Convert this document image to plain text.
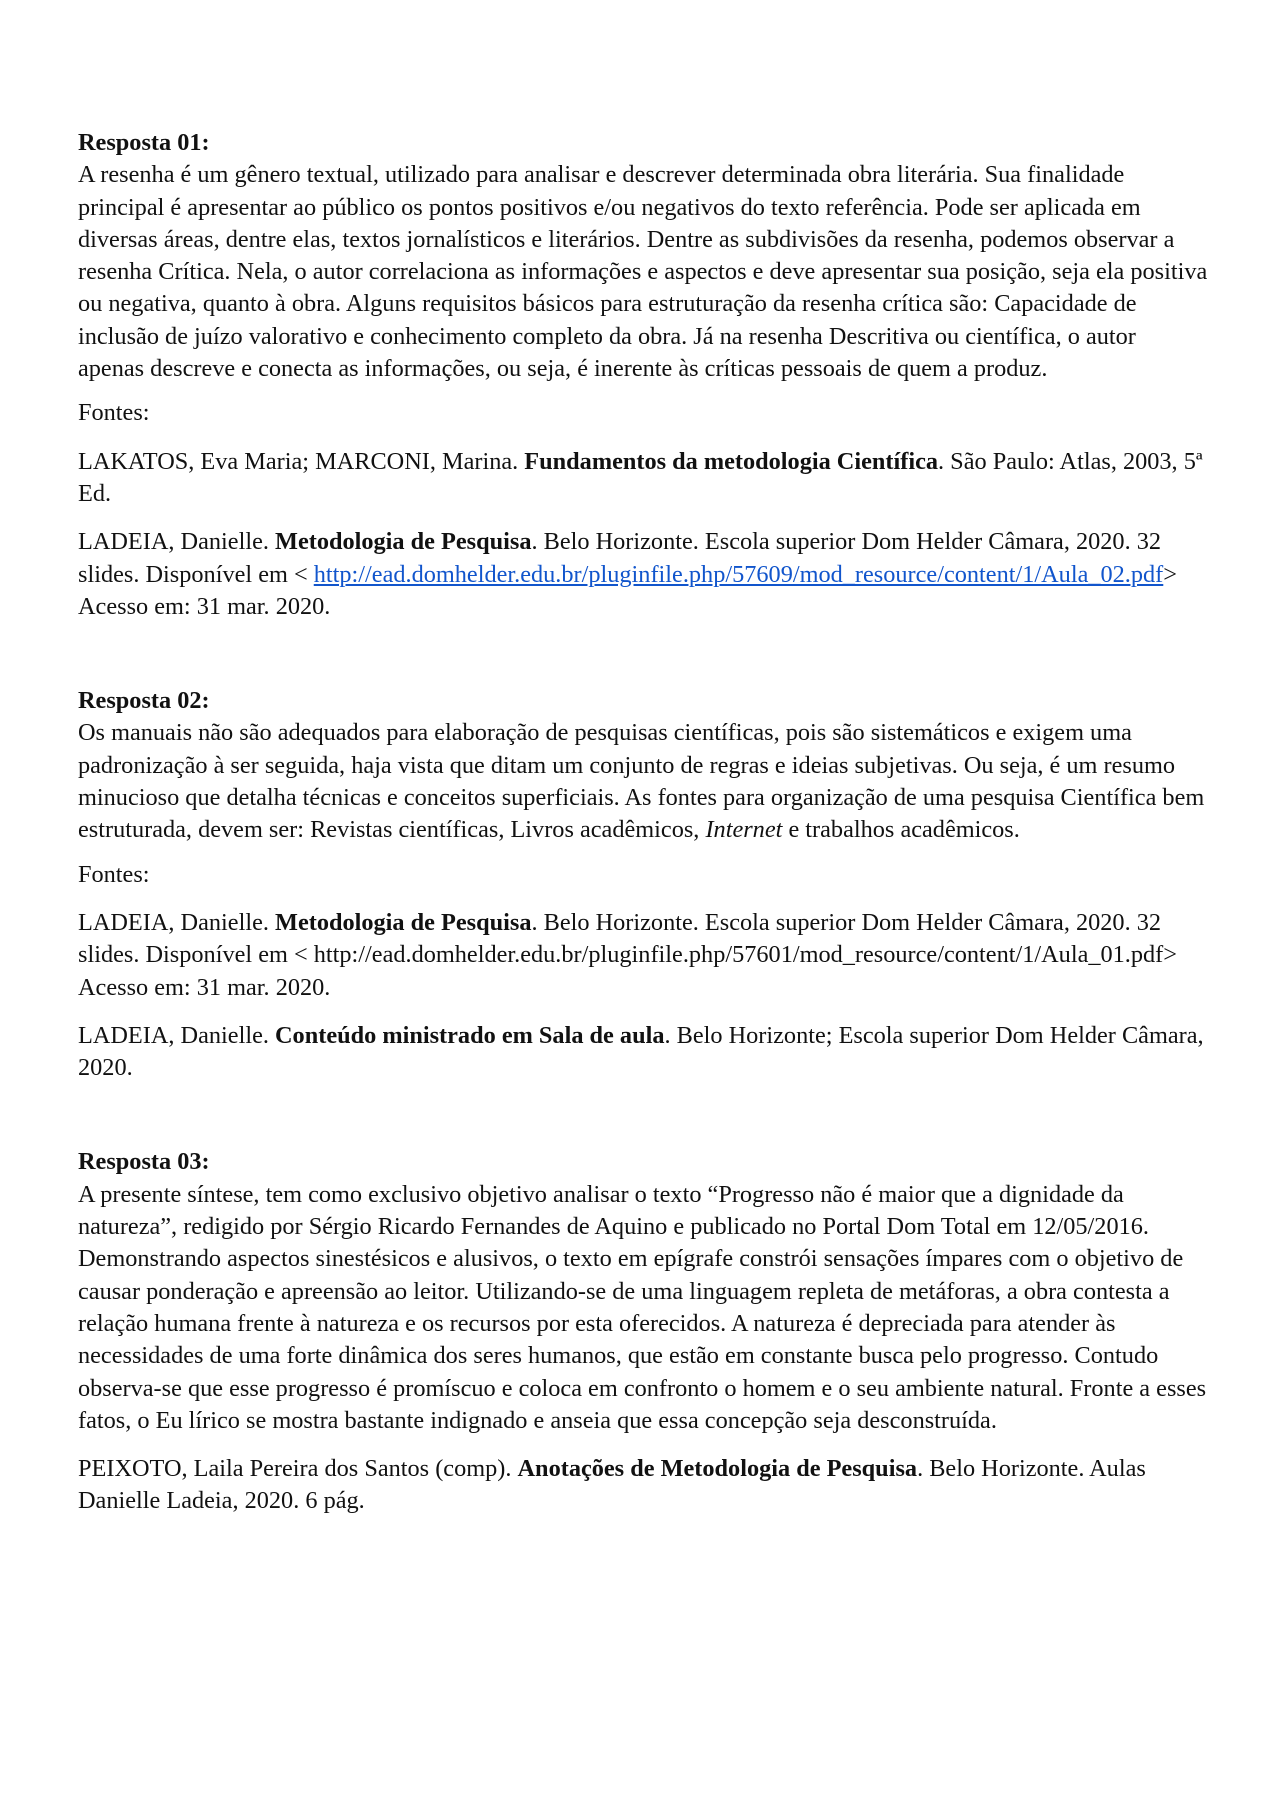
Resposta 01:

A resenha é um gênero textual, utilizado para analisar e descrever determinada obra literária. Sua finalidade principal é apresentar ao público os pontos positivos e/ou negativos do texto referência. Pode ser aplicada em diversas áreas, dentre elas, textos jornalísticos e literários. Dentre as subdivisões da resenha, podemos observar a resenha Crítica. Nela, o autor correlaciona as informações e aspectos e deve apresentar sua posição, seja ela positiva ou negativa, quanto à obra. Alguns requisitos básicos para estruturação da resenha crítica são: Capacidade de inclusão de juízo valorativo e conhecimento completo da obra. Já na resenha Descritiva ou científica, o autor apenas descreve e conecta as informações, ou seja, é inerente às críticas pessoais de quem a produz.

Fontes:

LAKATOS, Eva Maria; MARCONI, Marina. Fundamentos da metodologia Científica. São Paulo: Atlas, 2003, 5ª Ed.

LADEIA, Danielle. Metodologia de Pesquisa. Belo Horizonte. Escola superior Dom Helder Câmara, 2020. 32 slides. Disponível em < http://ead.domhelder.edu.br/pluginfile.php/57609/mod_resource/content/1/Aula_02.pdf> Acesso em: 31 mar. 2020.

Resposta 02:

Os manuais não são adequados para elaboração de pesquisas científicas, pois são sistemáticos e exigem uma padronização à ser seguida, haja vista que ditam um conjunto de regras e ideias subjetivas. Ou seja, é um resumo minucioso que detalha técnicas e conceitos superficiais. As fontes para organização de uma pesquisa Científica bem estruturada, devem ser: Revistas científicas, Livros acadêmicos, Internet e trabalhos acadêmicos.

Fontes:

LADEIA, Danielle. Metodologia de Pesquisa. Belo Horizonte. Escola superior Dom Helder Câmara, 2020. 32 slides. Disponível em < http://ead.domhelder.edu.br/pluginfile.php/57601/mod_resource/content/1/Aula_01.pdf> Acesso em: 31 mar. 2020.

LADEIA, Danielle. Conteúdo ministrado em Sala de aula. Belo Horizonte; Escola superior Dom Helder Câmara, 2020.

Resposta 03:

A presente síntese, tem como exclusivo objetivo analisar o texto “Progresso não é maior que a dignidade da natureza”, redigido por Sérgio Ricardo Fernandes de Aquino e publicado no Portal Dom Total em 12/05/2016.

Demonstrando aspectos sinestésicos e alusivos, o texto em epígrafe constrói sensações ímpares com o objetivo de causar ponderação e apreensão ao leitor. Utilizando-se de uma linguagem repleta de metáforas, a obra contesta a relação humana frente à natureza e os recursos por esta oferecidos. A natureza é depreciada para atender às necessidades de uma forte dinâmica dos seres humanos, que estão em constante busca pelo progresso. Contudo observa-se que esse progresso é promíscuo e coloca em confronto o homem e o seu ambiente natural. Fronte a esses fatos, o Eu lírico se mostra bastante indignado e anseia que essa concepção seja desconstruída.

PEIXOTO, Laila Pereira dos Santos (comp). Anotações de Metodologia de Pesquisa. Belo Horizonte. Aulas Danielle Ladeia, 2020. 6 pág.
